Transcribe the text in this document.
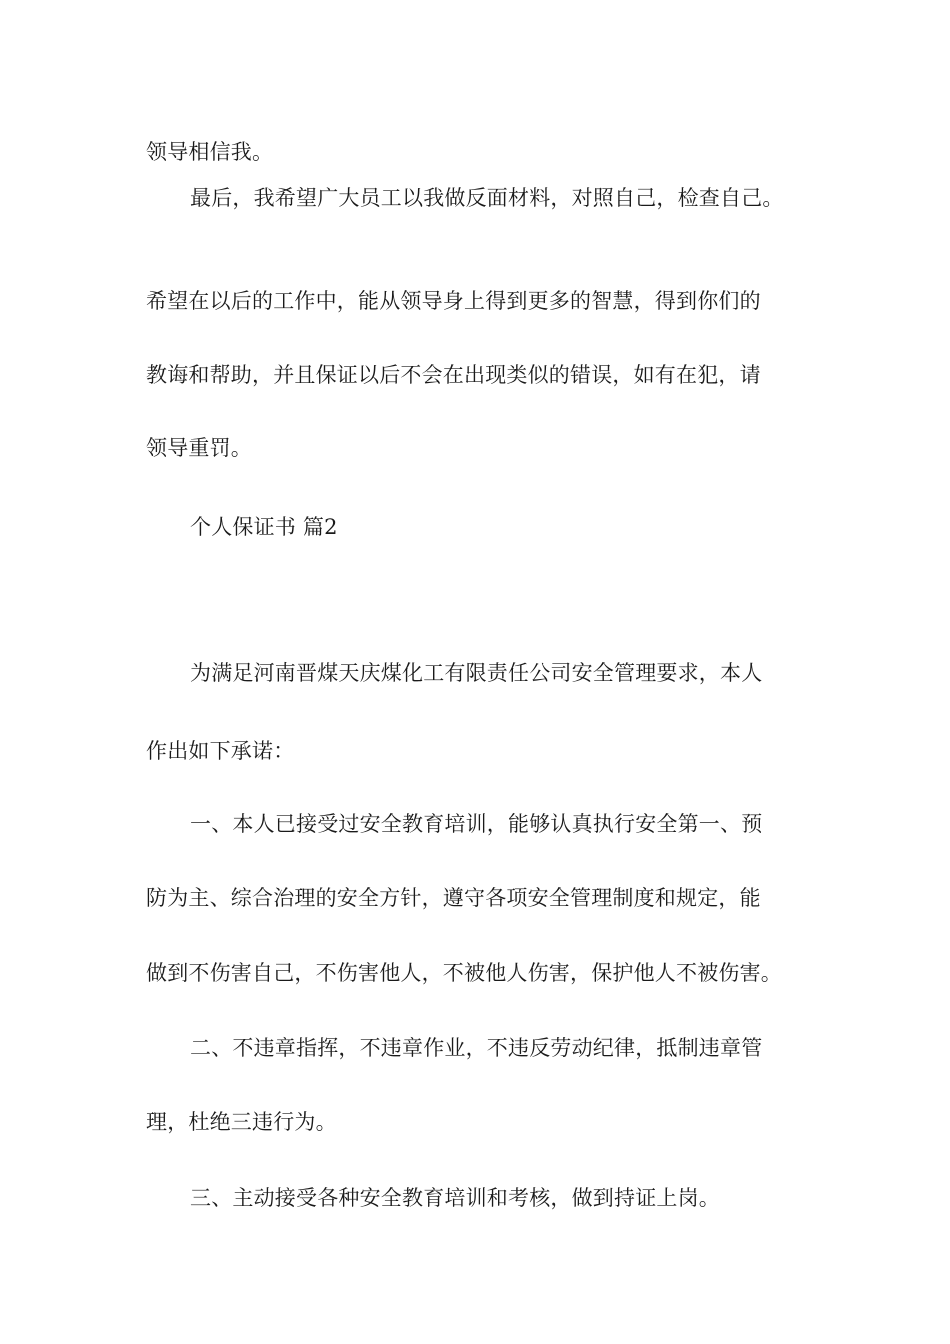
领导相信我。
最后，我希望广大员工以我做反面材料，对照自己，检查自己。
希望在以后的工作中，能从领导身上得到更多的智慧，得到你们的
教诲和帮助，并且保证以后不会在出现类似的错误，如有在犯，请
领导重罚。
个人保证书 篇2
为满足河南晋煤天庆煤化工有限责任公司安全管理要求，本人
作出如下承诺：
一、本人已接受过安全教育培训，能够认真执行安全第一、预
防为主、综合治理的安全方针，遵守各项安全管理制度和规定，能
做到不伤害自己，不伤害他人，不被他人伤害，保护他人不被伤害。
二、不违章指挥，不违章作业，不违反劳动纪律，抵制违章管
理，杜绝三违行为。
三、主动接受各种安全教育培训和考核，做到持证上岗。
